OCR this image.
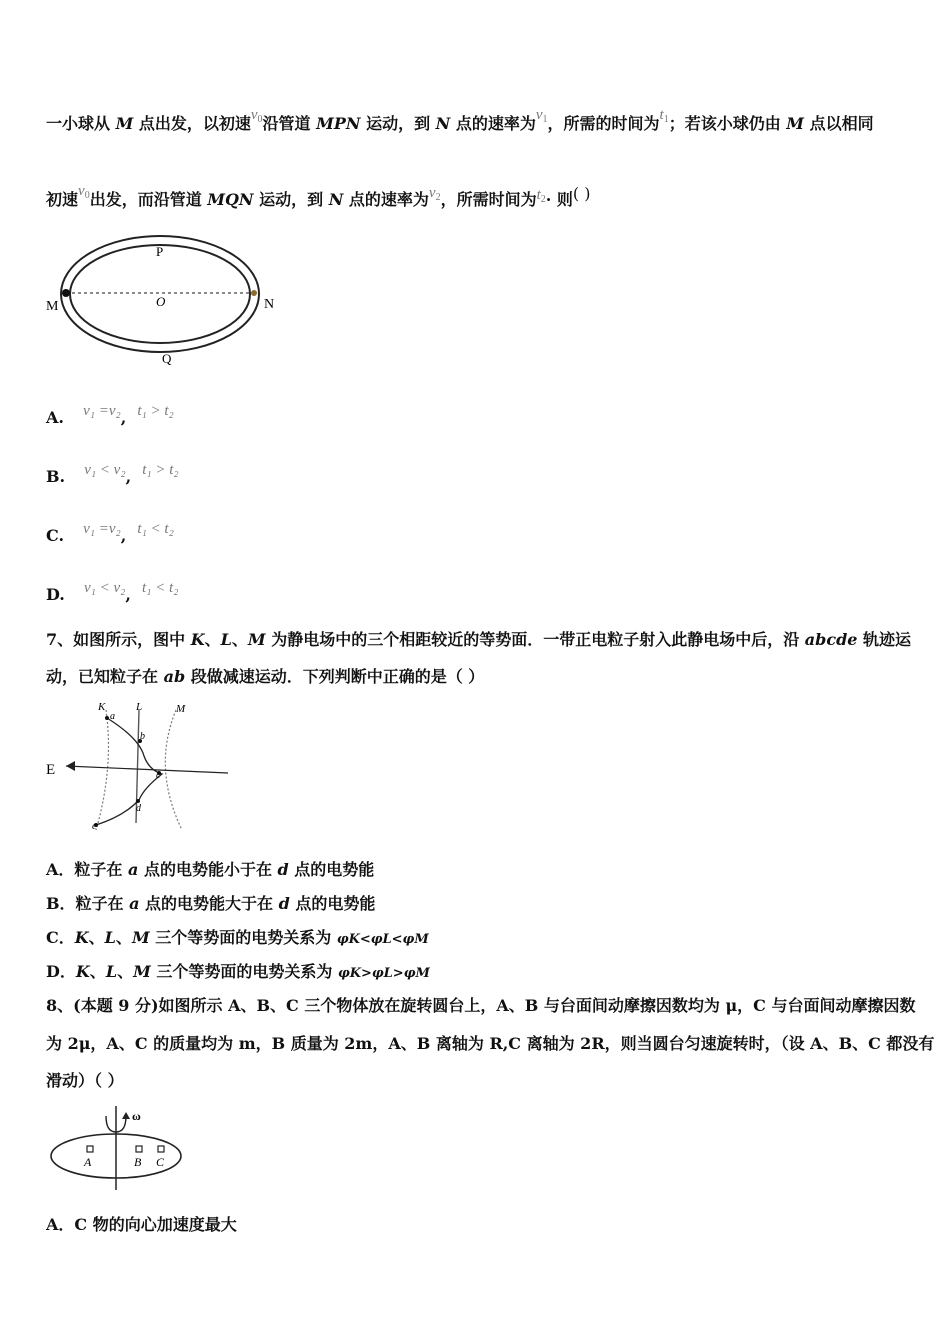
一小球从 M 点出发，以初速$v_0$沿管道 MPN 运动，到 N 点的速率为$v_1$，所需的时间为$t_1$；若该小球仍由 M 点以相同
初速$v_0$出发，而沿管道 MQN 运动，到 N 点的速率为$v_2$，所需时间为$t_2\cdot$ 则( )
P
O
M	N
Q
A. v₁ =v₂, t₁ > t₂
B. v₁ < v₂, t₁ > t₂
C. v₁ =v₂, t₁ < t₂
D. v₁ < v₂, t₁ < t₂
7、如图所示，图中 K、L、M 为静电场中的三个相距较近的等势面．一带正电粒子射入此静电场中后，沿 abcde 轨迹运
动，已知粒子在 ab 段做减速运动．下列判断中正确的是（ ）
K	L	M
E
a
b
c
d
e
A．粒子在 a 点的电势能小于在 d 点的电势能
B．粒子在 a 点的电势能大于在 d 点的电势能
C．K、L、M 三个等势面的电势关系为 φK<φL<φM
D．K、L、M 三个等势面的电势关系为 φK>φL>φM
8、(本题 9 分)如图所示 A、B、C 三个物体放在旋转圆台上，A、B 与台面间动摩擦因数均为 μ，C 与台面间动摩擦因数
为 2μ，A、C 的质量均为 m，B 质量为 2m，A、B 离轴为 R,C 离轴为 2R，则当圆台匀速旋转时，（设 A、B、C 都没有
滑动）（ ）
ω
A	B C
A．C 物的向心加速度最大
